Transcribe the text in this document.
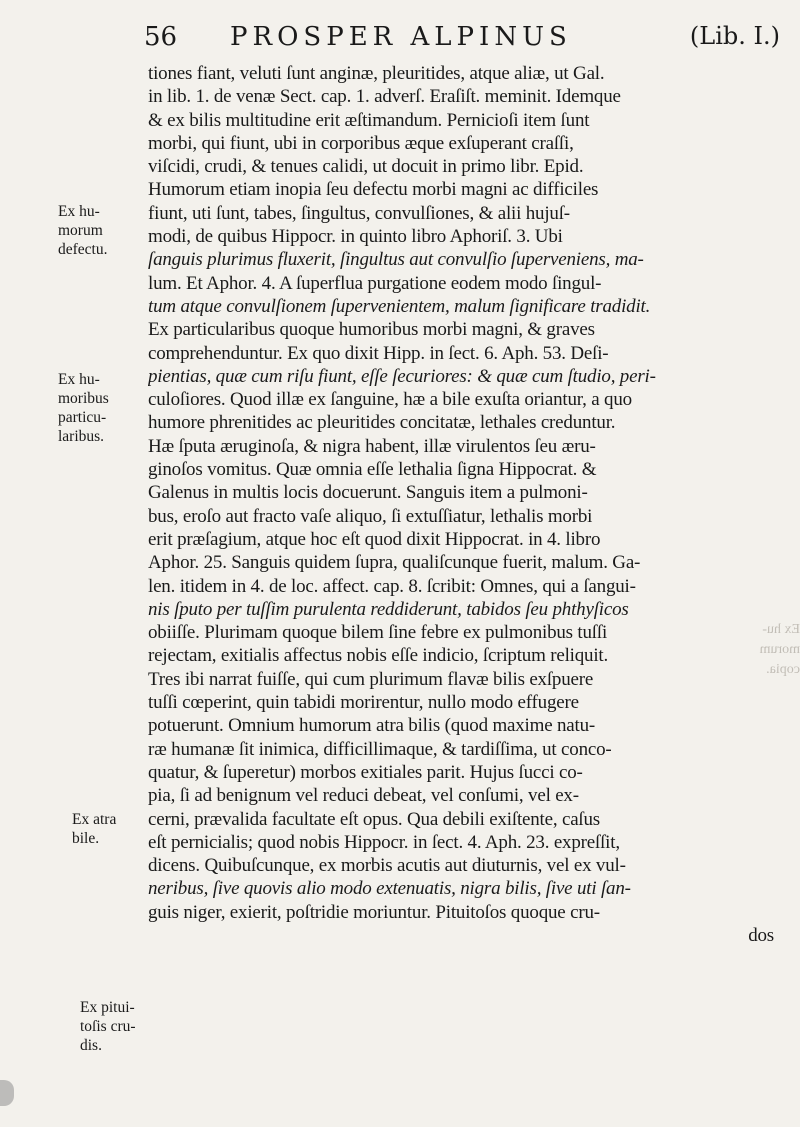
56 PROSPER ALPINUS	(Lib. I.)
tiones fiant, veluti ſunt anginæ, pleuritides, atque aliæ, ut Gal.
in lib. 1. de venæ Sect. cap. 1. adverſ. Eraſiſt. meminit. Idemque
& ex bilis multitudine erit æſtimandum. Pernicioſi item ſunt
morbi, qui fiunt, ubi in corporibus æque exſuperant craſſi,
viſcidi, crudi, & tenues calidi, ut docuit in primo libr. Epid.
Humorum etiam inopia ſeu defectu morbi magni ac difficiles
fiunt, uti ſunt, tabes, ſingultus, convulſiones, & alii hujuſ-
modi, de quibus Hippocr. in quinto libro Aphoriſ. 3. Ubi
ſanguis plurimus fluxerit, ſingultus aut convulſio ſuperveniens, ma-
lum. Et Aphor. 4. A ſuperflua purgatione eodem modo ſingul-
tum atque convulſionem ſupervenientem, malum ſignificare tradidit.
Ex particularibus quoque humoribus morbi magni, & graves
comprehenduntur. Ex quo dixit Hipp. in ſect. 6. Aph. 53. Deſi-
pientias, quæ cum riſu fiunt, eſſe ſecuriores: & quæ cum ſtudio, peri-
culoſiores. Quod illæ ex ſanguine, hæ a bile exuſta oriantur, a quo
humore phrenitides ac pleuritides concitatæ, lethales creduntur.
Hæ ſputa æruginoſa, & nigra habent, illæ virulentos ſeu æru-
ginoſos vomitus. Quæ omnia eſſe lethalia ſigna Hippocrat. &
Galenus in multis locis docuerunt. Sanguis item a pulmoni-
bus, eroſo aut fracto vaſe aliquo, ſi extuſſiatur, lethalis morbi
erit præſagium, atque hoc eſt quod dixit Hippocrat. in 4. libro
Aphor. 25. Sanguis quidem ſupra, qualiſcunque fuerit, malum. Ga-
len. itidem in 4. de loc. affect. cap. 8. ſcribit: Omnes, qui a ſangui-
nis ſputo per tuſſim purulenta reddiderunt, tabidos ſeu phthyſicos
obiiſſe. Plurimam quoque bilem ſine febre ex pulmonibus tuſſi
rejectam, exitialis affectus nobis eſſe indicio, ſcriptum reliquit.
Tres ibi narrat fuiſſe, qui cum plurimum flavæ bilis exſpuere
tuſſi cœperint, quin tabidi morirentur, nullo modo effugere
potuerunt. Omnium humorum atra bilis (quod maxime natu-
ræ humanæ ſit inimica, difficillimaque, & tardiſſima, ut conco-
quatur, & ſuperetur) morbos exitiales parit. Hujus ſucci co-
pia, ſi ad benignum vel reduci debeat, vel conſumi, vel ex-
cerni, prævalida facultate eſt opus. Qua debili exiſtente, caſus
eſt pernicialis; quod nobis Hippocr. in ſect. 4. Aph. 23. expreſſit,
dicens. Quibuſcunque, ex morbis acutis aut diuturnis, vel ex vul-
neribus, ſive quovis alio modo extenuatis, nigra bilis, ſive uti ſan-
guis niger, exierit, poſtridie moriuntur. Pituitoſos quoque cru-
dos
Ex hu-
morum
defectu.
Ex hu-
moribus
particu-
laribus.
Ex atra
bile.
Ex pitui-
toſis cru-
dis.
Ex hu-
morum
copia.
